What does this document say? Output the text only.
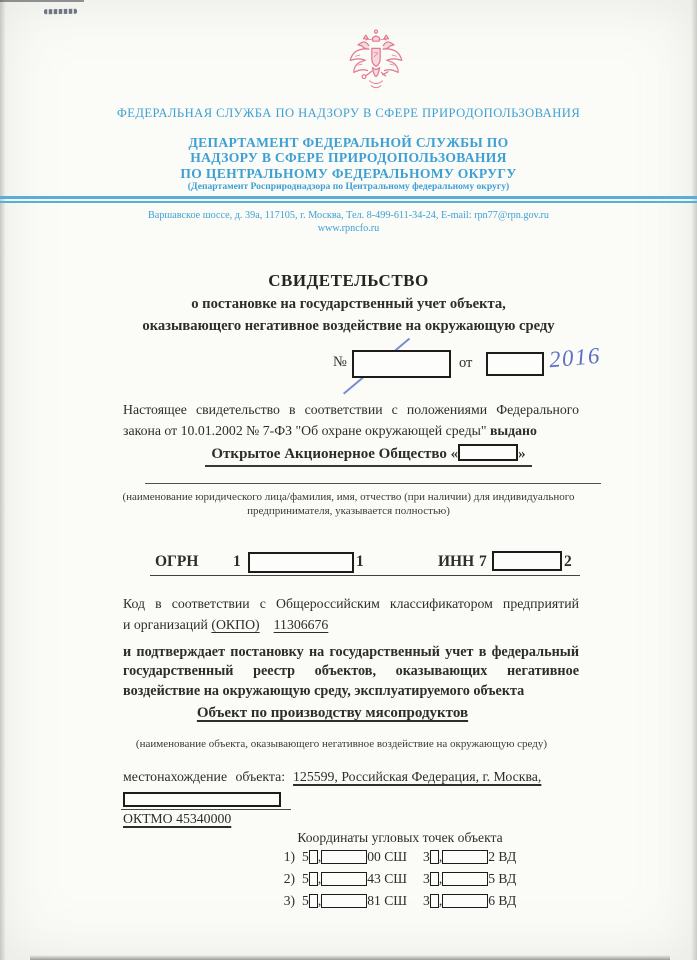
ФЕДЕРАЛЬНАЯ СЛУЖБА ПО НАДЗОРУ В СФЕРЕ ПРИРОДОПОЛЬЗОВАНИЯ
ДЕПАРТАМЕНТ ФЕДЕРАЛЬНОЙ СЛУЖБЫ ПО
НАДЗОРУ В СФЕРЕ ПРИРОДОПОЛЬЗОВАНИЯ
ПО ЦЕНТРАЛЬНОМУ ФЕДЕРАЛЬНОМУ ОКРУГУ
(Департамент Росприроднадзора по Центральному федеральному округу)
Варшавское шоссе, д. 39а, 117105, г. Москва, Тел. 8-499-611-34-24, E-mail: rpn77@rpn.gov.ru
www.rpncfo.ru
СВИДЕТЕЛЬСТВО
о постановке на государственный учет объекта,
оказывающего негативное воздействие на окружающую среду
№	от	2016
Настоящее свидетельство в соответствии с положениями Федерального
закона от 10.01.2002 № 7-ФЗ "Об охране окружающей среды" выдано
Открытое Акционерное Общество «	»
(наименование юридического лица/фамилия, имя, отчество (при наличии) для индивидуального
предпринимателя, указывается полностью)
ОГРН 1	1	ИНН 7	2
Код в соответствии с Общероссийским классификатором предприятий
и организаций (ОКПО) 11306676
и подтверждает постановку на государственный учет в федеральный
государственный реестр объектов, оказывающих негативное
воздействие на окружающую среду, эксплуатируемого объекта
Объект по производству мясопродуктов
(наименование объекта, оказывающего негативное воздействие на окружающую среду)
местонахождение объекта: 125599, Российская Федерация, г. Москва,
ОКТМО 45340000
Координаты угловых точек объекта
1) 5 ,	00 СШ 3 ,	2 ВД
2) 5 ,	43 СШ 3 ,	5 ВД
3) 5 ,	81 СШ 3 ,	6 ВД
